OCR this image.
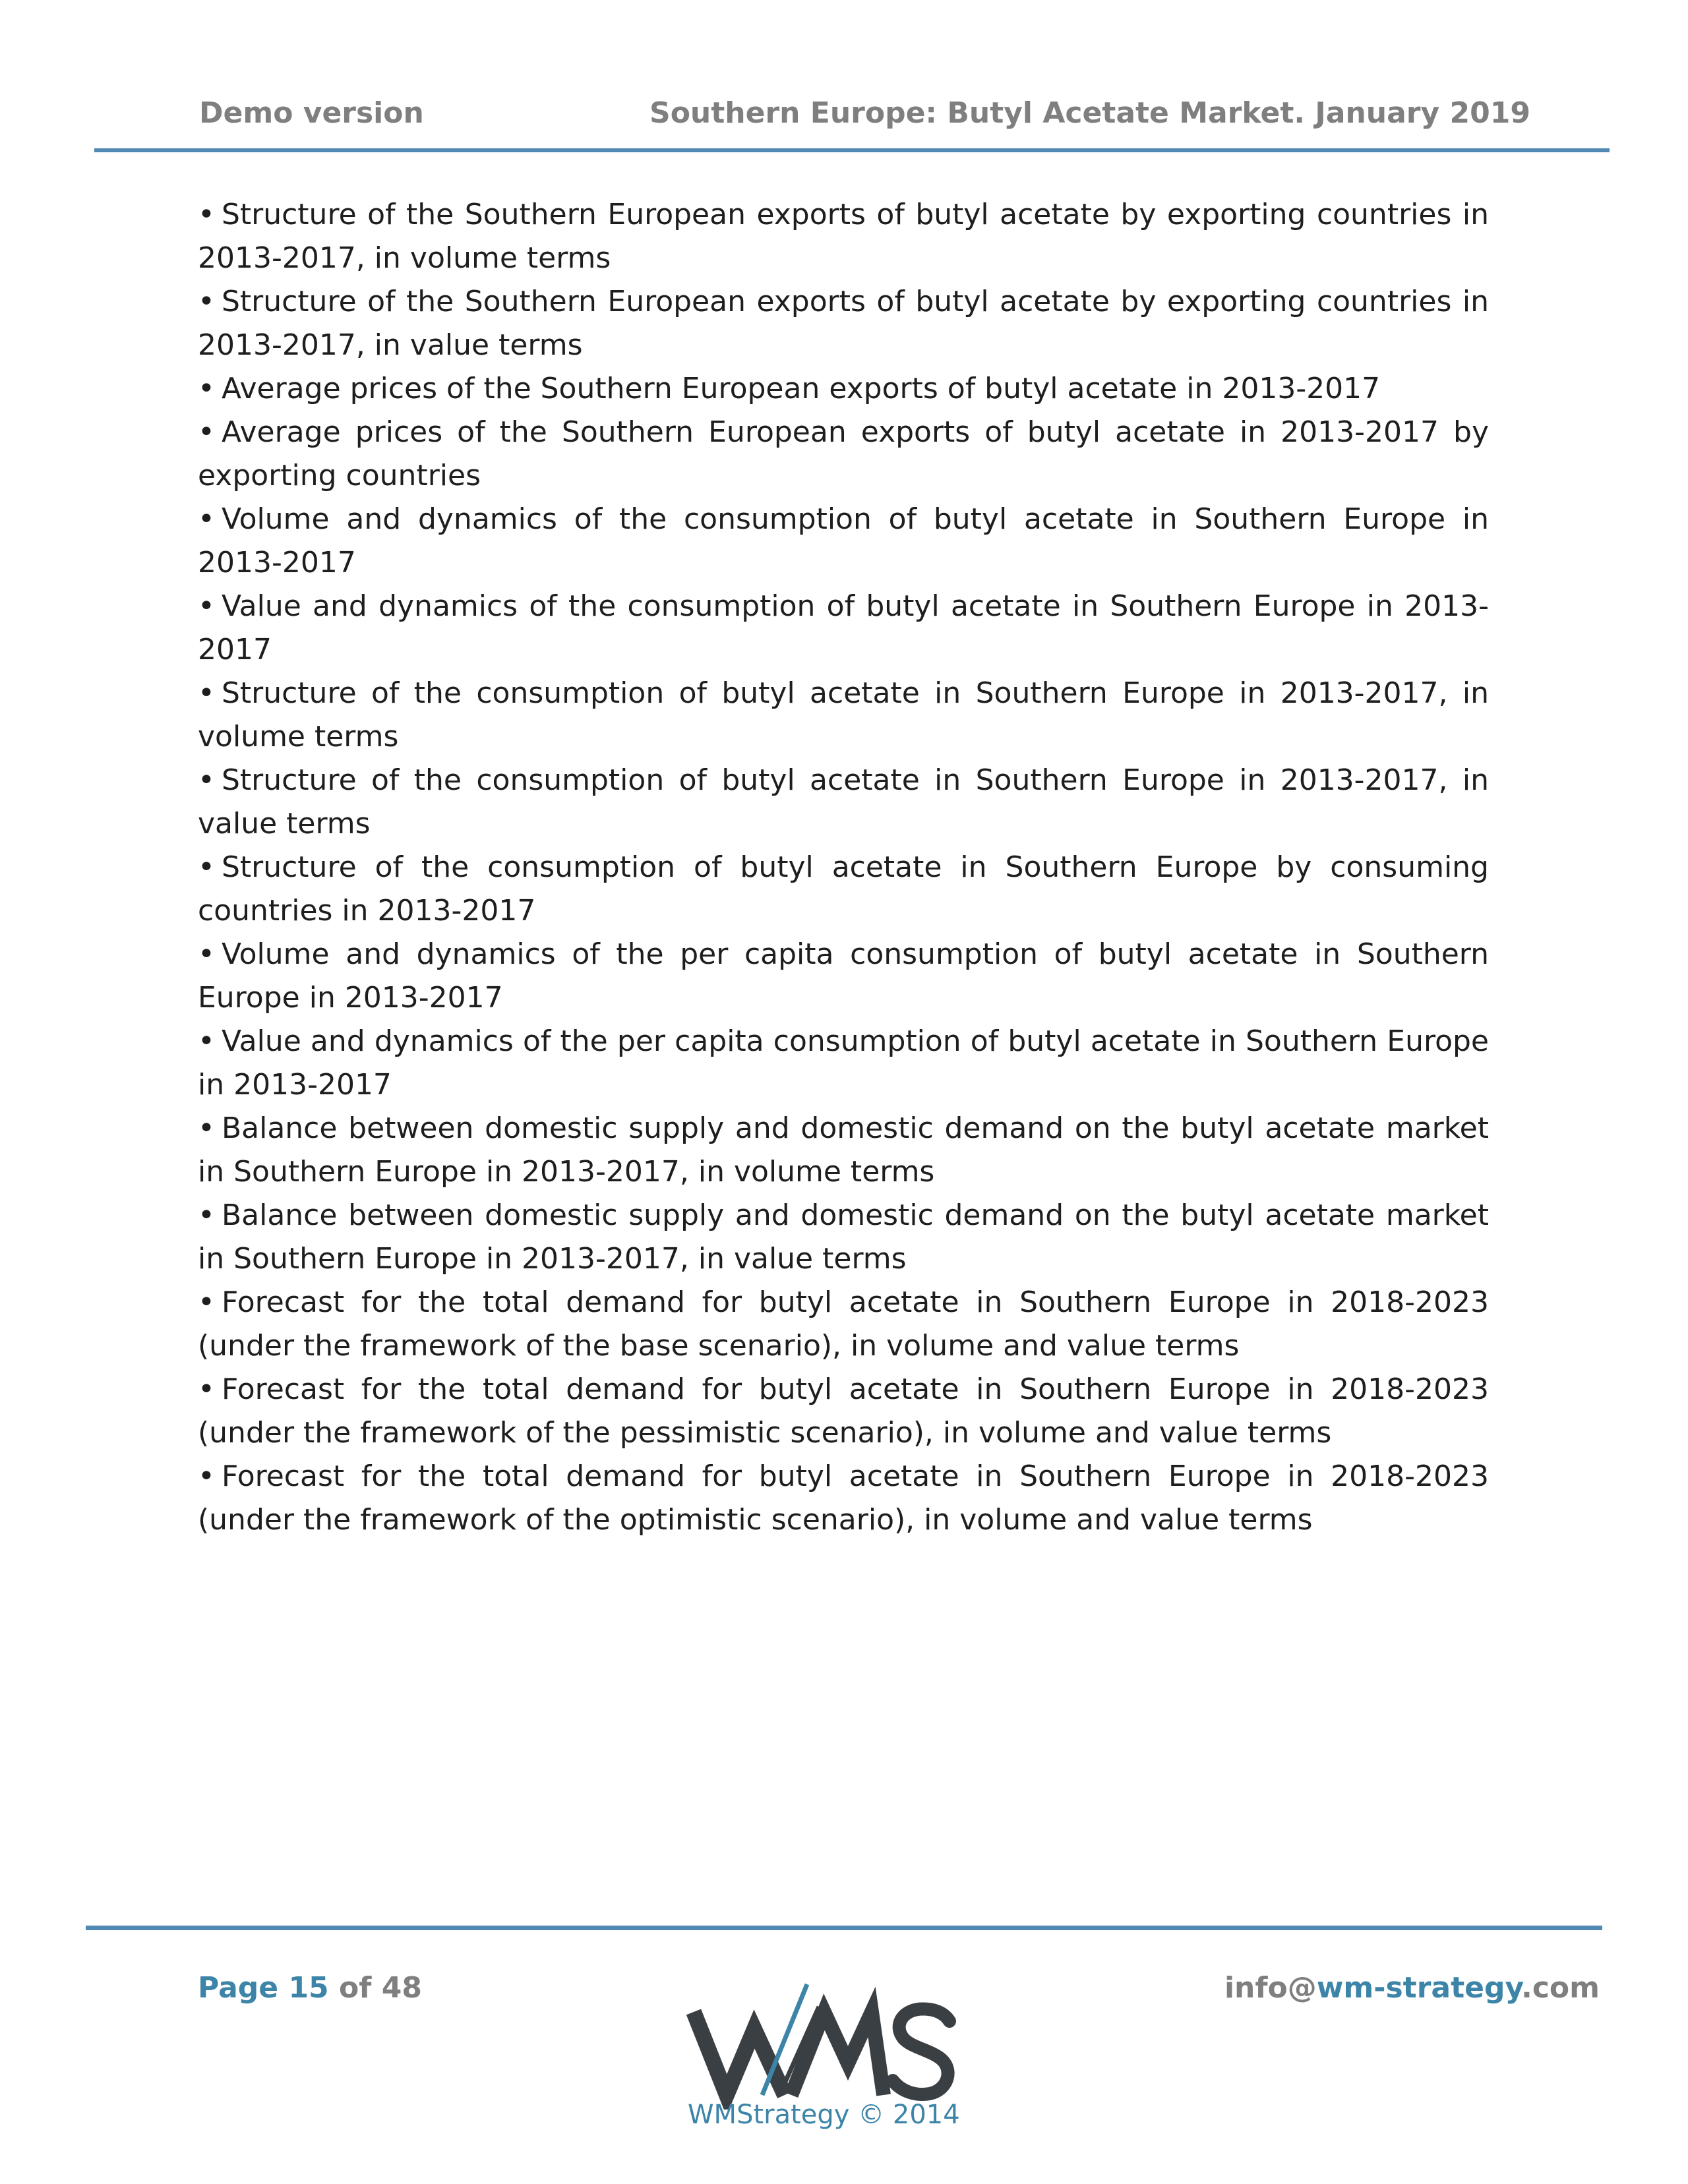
Demo version	Southern Europe: Butyl Acetate Market. January 2019
• Structure of the Southern European exports of butyl acetate by exporting countries in 2013-2017, in volume terms
• Structure of the Southern European exports of butyl acetate by exporting countries in 2013-2017, in value terms
• Average prices of the Southern European exports of butyl acetate in 2013-2017
• Average prices of the Southern European exports of butyl acetate in 2013-2017 by exporting countries
• Volume and dynamics of the consumption of butyl acetate in Southern Europe in 2013-2017
• Value and dynamics of the consumption of butyl acetate in Southern Europe in 2013-2017
• Structure of the consumption of butyl acetate in Southern Europe in 2013-2017, in volume terms
• Structure of the consumption of butyl acetate in Southern Europe in 2013-2017, in value terms
• Structure of the consumption of butyl acetate in Southern Europe by consuming countries in 2013-2017
• Volume and dynamics of the per capita consumption of butyl acetate in Southern Europe in 2013-2017
• Value and dynamics of the per capita consumption of butyl acetate in Southern Europe in 2013-2017
• Balance between domestic supply and domestic demand on the butyl acetate market in Southern Europe in 2013-2017, in volume terms
• Balance between domestic supply and domestic demand on the butyl acetate market in Southern Europe in 2013-2017, in value terms
• Forecast for the total demand for butyl acetate in Southern Europe in 2018-2023 (under the framework of the base scenario), in volume and value terms
• Forecast for the total demand for butyl acetate in Southern Europe in 2018-2023 (under the framework of the pessimistic scenario), in volume and value terms
• Forecast for the total demand for butyl acetate in Southern Europe in 2018-2023 (under the framework of the optimistic scenario), in volume and value terms
Page 15 of 48	info@wm-strategy.com
WMStrategy © 2014
